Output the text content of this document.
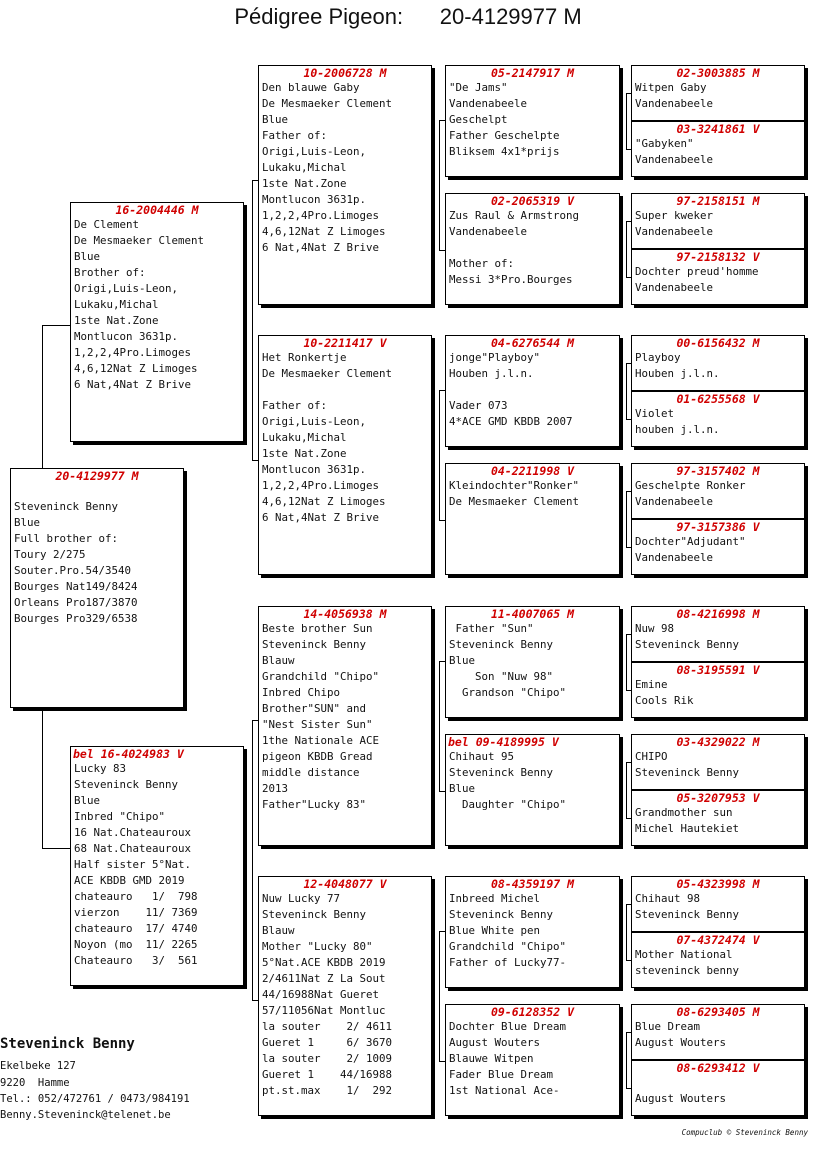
Pédigree Pigeon: 20-4129977 M
20-4129977 M
Steveninck Benny
Blue
Full brother of:
Toury 2/275
Souter.Pro.54/3540
Bourges Nat149/8424
Orleans Pro187/3870
Bourges Pro329/6538
16-2004446 M
De Clement
De Mesmaeker Clement
Blue
Brother of:
Origi,Luis-Leon,
Lukaku,Michal
1ste Nat.Zone
Montlucon 3631p.
1,2,2,4Pro.Limoges
4,6,12Nat Z Limoges
6 Nat,4Nat Z Brive
bel 16-4024983 V
Lucky 83
Steveninck Benny
Blue
Inbred "Chipo"
16 Nat.Chateauroux
68 Nat.Chateauroux
Half sister 5°Nat.
ACE KBDB GMD 2019
chateauro   1/  798
vierzon    11/ 7369
chateauro  17/ 4740
Noyon (mo  11/ 2265
Chateauro   3/  561
10-2006728 M
Den blauwe Gaby
De Mesmaeker Clement
Blue
Father of:
Origi,Luis-Leon,
Lukaku,Michal
1ste Nat.Zone
Montlucon 3631p.
1,2,2,4Pro.Limoges
4,6,12Nat Z Limoges
6 Nat,4Nat Z Brive
10-2211417 V
Het Ronkertje
De Mesmaeker Clement
Father of:
Origi,Luis-Leon,
Lukaku,Michal
1ste Nat.Zone
Montlucon 3631p.
1,2,2,4Pro.Limoges
4,6,12Nat Z Limoges
6 Nat,4Nat Z Brive
14-4056938 M
Beste brother Sun
Steveninck Benny
Blauw
Grandchild "Chipo"
Inbred Chipo
Brother"SUN" and
"Nest Sister Sun"
1the Nationale ACE
pigeon KBDB Gread
middle distance
2013
Father"Lucky 83"
12-4048077 V
Nuw Lucky 77
Steveninck Benny
Blauw
Mother "Lucky 80"
5°Nat.ACE KBDB 2019
2/4611Nat Z La Sout
44/16988Nat Gueret
57/11056Nat Montluc
la souter    2/ 4611
Gueret 1     6/ 3670
la souter    2/ 1009
Gueret 1    44/16988
pt.st.max    1/  292
05-2147917 M
"De Jams"
Vandenabeele
Geschelpt
Father Geschelpte
Bliksem 4x1*prijs
02-2065319 V
Zus Raul & Armstrong
Vandenabeele
Mother of:
Messi 3*Pro.Bourges
04-6276544 M
jonge"Playboy"
Houben j.l.n.
Vader 073
4*ACE GMD KBDB 2007
04-2211998 V
Kleindochter"Ronker"
De Mesmaeker Clement
11-4007065 M
Father "Sun"
Steveninck Benny
Blue
Son "Nuw 98"
Grandson "Chipo"
bel 09-4189995 V
Chihaut 95
Steveninck Benny
Blue
Daughter "Chipo"
08-4359197 M
Inbreed Michel
Steveninck Benny
Blue White pen
Grandchild "Chipo"
Father of Lucky77-
09-6128352 V
Dochter Blue Dream
August Wouters
Blauwe Witpen
Fader Blue Dream
1st National Ace-
02-3003885 M
Witpen Gaby
Vandenabeele
03-3241861 V
"Gabyken"
Vandenabeele
97-2158151 M
Super kweker
Vandenabeele
97-2158132 V
Dochter preud'homme
Vandenabeele
00-6156432 M
Playboy
Houben j.l.n.
01-6255568 V
Violet
houben j.l.n.
97-3157402 M
Geschelpte Ronker
Vandenabeele
97-3157386 V
Dochter"Adjudant"
Vandenabeele
08-4216998 M
Nuw 98
Steveninck Benny
08-3195591 V
Emine
Cools Rik
03-4329022 M
CHIPO
Steveninck Benny
05-3207953 V
Grandmother sun
Michel Hautekiet
05-4323998 M
Chihaut 98
Steveninck Benny
07-4372474 V
Mother National
steveninck benny
08-6293405 M
Blue Dream
August Wouters
08-6293412 V
August Wouters
Steveninck Benny
Ekelbeke 127
9220  Hamme
Tel.: 052/472761 / 0473/984191
Benny.Steveninck@telenet.be
Compuclub © Steveninck Benny
